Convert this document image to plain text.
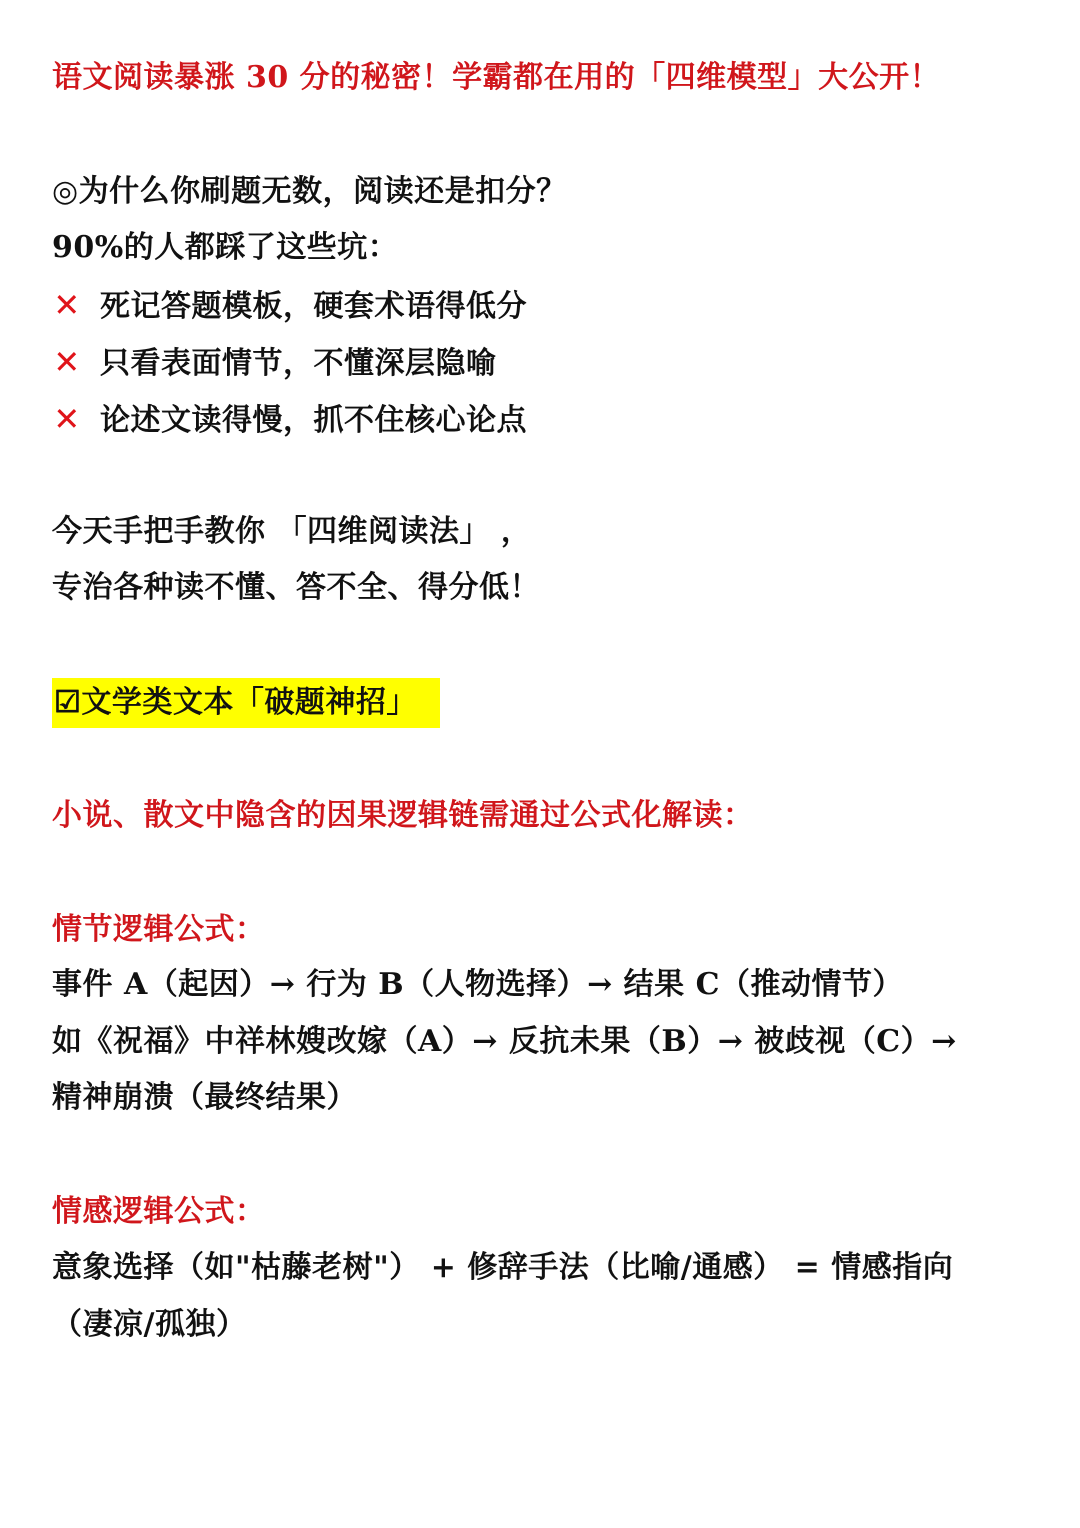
语文阅读暴涨 30 分的秘密！学霸都在用的「四维模型」大公开！
◎为什么你刷题无数，阅读还是扣分？
90%的人都踩了这些坑：
✕ 死记答题模板，硬套术语得低分
✕ 只看表面情节，不懂深层隐喻
✕ 论述文读得慢，抓不住核心论点
今天手把手教你 「四维阅读法」 ，
专治各种读不懂、答不全、得分低！
☑文学类文本「破题神招」
小说、散文中隐含的因果逻辑链需通过公式化解读：
情节逻辑公式：
事件 A（起因）→ 行为 B（人物选择）→ 结果 C（推动情节）
如《祝福》中祥林嫂改嫁（A）→ 反抗未果（B）→ 被歧视（C）→
精神崩溃（最终结果）
情感逻辑公式：
意象选择（如"枯藤老树"） + 修辞手法（比喻/通感） = 情感指向
（凄凉/孤独）
